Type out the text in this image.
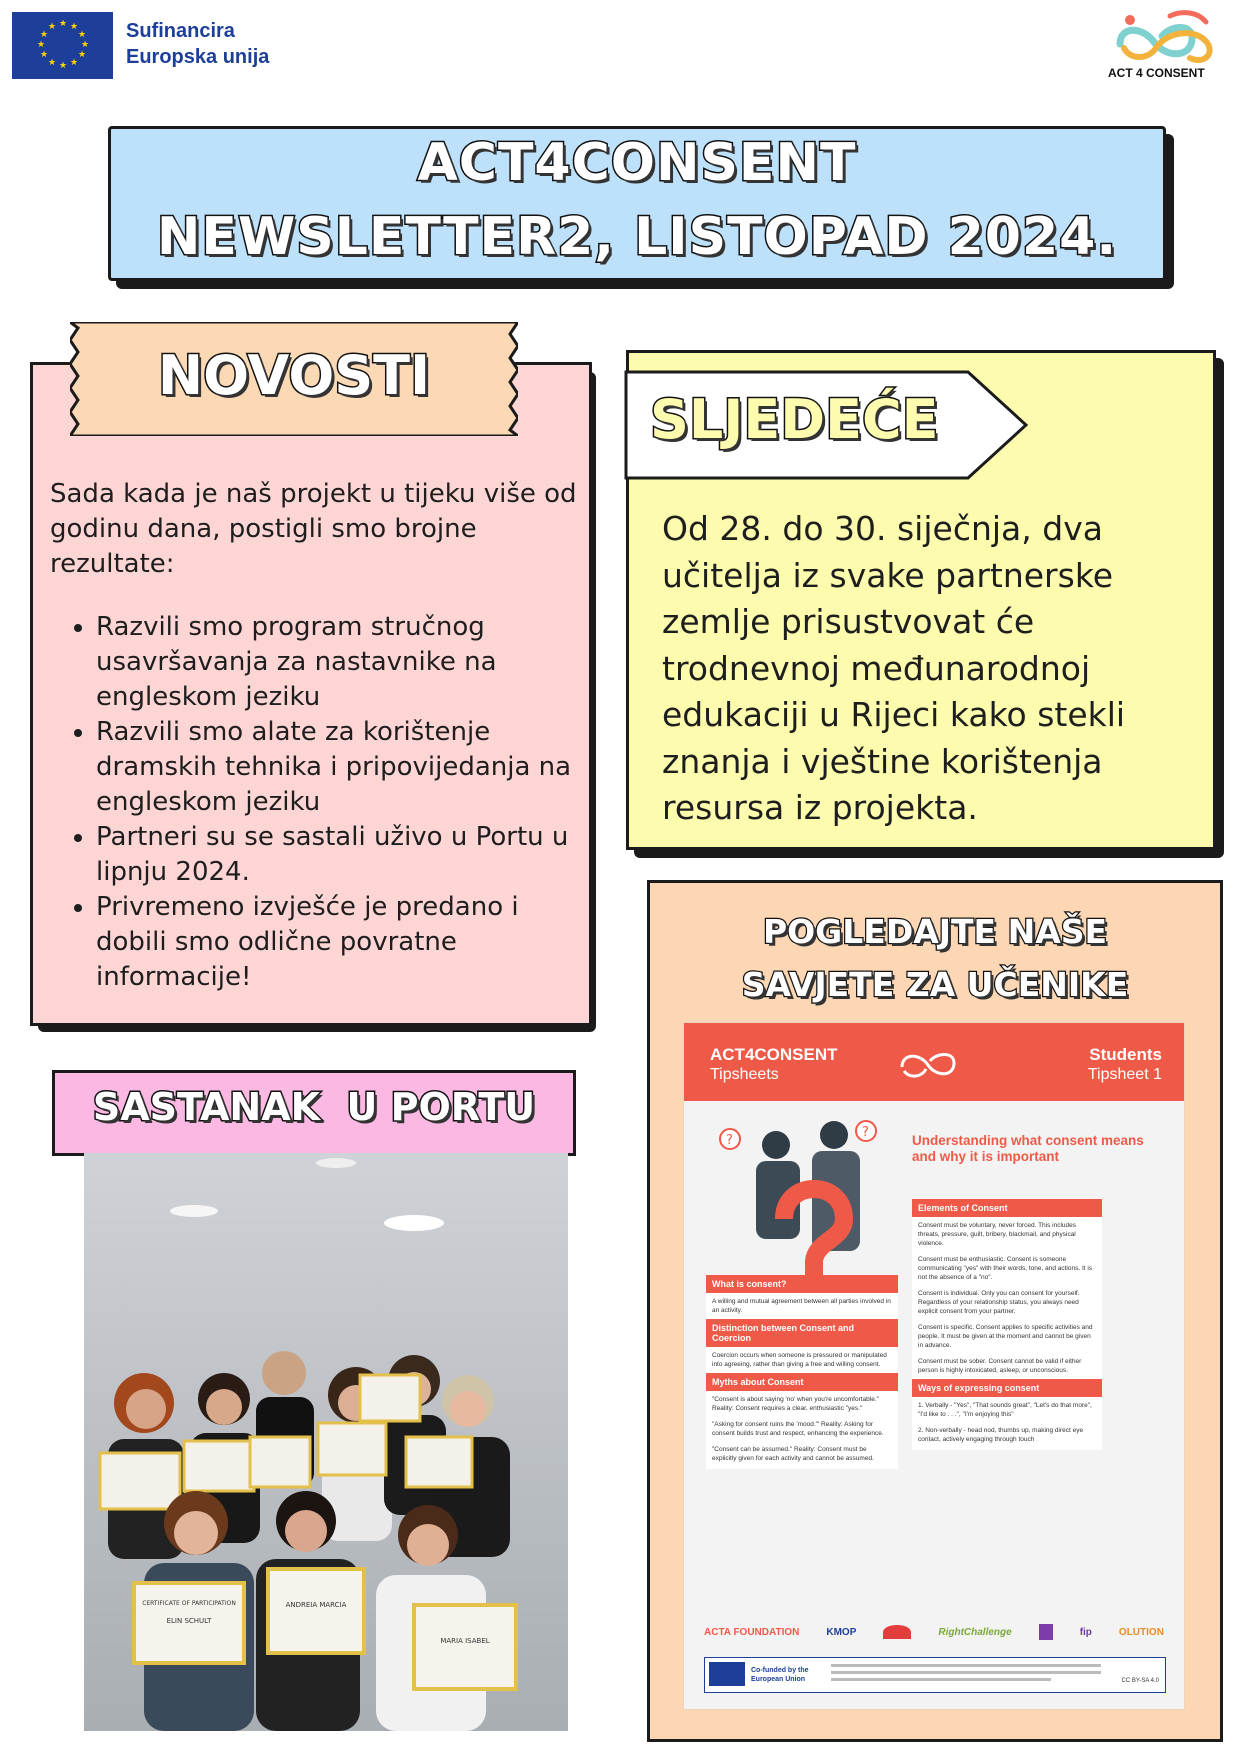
★ ★
★
★
★
★
★
★
★
★
★
★	Sufinancira
Europska unija
ACT 4 CONSENT
ACT4CONSENT
NEWSLETTER2, LISTOPAD 2024.
NOVOSTI
Sada kada je naš projekt u tijeku više od godinu dana, postigli smo brojne rezultate:
• Razvili smo program stručnog usavršavanja za nastavnike na engleskom jeziku
• Razvili smo alate za korištenje dramskih tehnika i pripovijedanja na engleskom jeziku
• Partneri su se sastali uživo u Portu u lipnju 2024.
• Privremeno izvješće je predano i dobili smo odlične povratne informacije!
SLJEDEĆE
Od 28. do 30. siječnja, dva učitelja iz svake partnerske zemlje prisustvovat će trodnevnoj međunarodnoj edukaciji u Rijeci kako stekli znanja i vještine korištenja resursa iz projekta.
POGLEDAJTE NAŠE
SAVJETE ZA UČENIKE
ACT4CONSENT
Tipsheets
Students
Tipsheet 1
?
?
Understanding what consent means and why it is important
What is consent?
A willing and mutual agreement between all parties involved in an activity.
Distinction between Consent and Coercion
Coercion occurs when someone is pressured or manipulated into agreeing, rather than giving a free and willing consent.
Myths about Consent

"Consent is about saying 'no' when you're uncomfortable." Reality: Consent requires a clear, enthusiastic "yes."

"Asking for consent ruins the 'mood.'" Reality: Asking for consent builds trust and respect, enhancing the experience.

"Consent can be assumed." Reality: Consent must be explicitly given for each activity and cannot be assumed.

Elements of Consent

Consent must be voluntary, never forced. This includes threats, pressure, guilt, bribery, blackmail, and physical violence.

Consent must be enthusiastic. Consent is someone communicating "yes" with their words, tone, and actions. It is not the absence of a "no".

Consent is individual. Only you can consent for yourself. Regardless of your relationship status, you always need explicit consent from your partner.

Consent is specific. Consent applies to specific activities and people. It must be given at the moment and cannot be given in advance.

Consent must be sober. Consent cannot be valid if either person is highly intoxicated, asleep, or unconscious.

Ways of expressing consent

1. Verbally - "Yes", "That sounds great", "Let's do that more", "I'd like to . . .", "I'm enjoying this"

2. Non-verbally - head nod, thumbs up, making direct eye contact, actively engaging through touch

ACTA FOUNDATION	KMOP	RightChallenge	fip	OLUTION
Co-funded by the European Union	CC BY-SA 4.0
SASTANAK  U PORTU
CERTIFICATE OF PARTICIPATION
ELIN SCHULT
ANDREIA MARCIA
MARIA ISABEL
